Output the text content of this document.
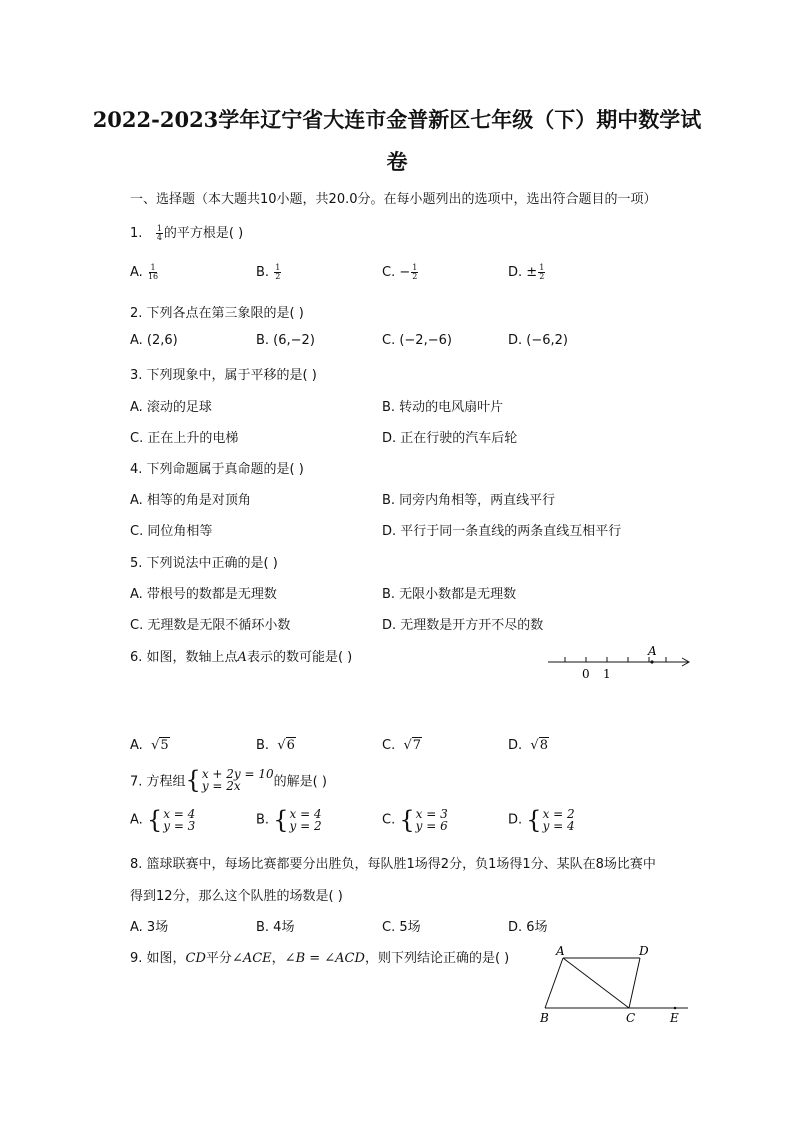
2022-2023学年辽宁省大连市金普新区七年级（下）期中数学试
卷
一、选择题（本大题共10小题，共20.0分。在每小题列出的选项中，选出符合题目的一项）
1. $\frac{1}{4}$ 的平方根是( )
A. $\frac{1}{16}$	B. $\frac{1}{2}$	C. − $\frac{1}{2}$	D. ± $\frac{1}{2}$
2. 下列各点在第三象限的是( )
A. (2,6)	B. (6,−2)	C. (−2,−6)	D. (−6,2)
3. 下列现象中，属于平移的是( )
A. 滚动的足球	B. 转动的电风扇叶片
C. 正在上升的电梯	D. 正在行驶的汽车后轮
4. 下列命题属于真命题的是( )
A. 相等的角是对顶角	B. 同旁内角相等，两直线平行
C. 同位角相等	D. 平行于同一条直线的两条直线互相平行
5. 下列说法中正确的是( )
A. 带根号的数都是无理数	B. 无限小数都是无理数
C. 无理数是无限不循环小数	D. 无理数是开方开不尽的数
6. 如图，数轴上点A表示的数可能是( )
0 1
A
A. √5	B. √6	C. √7	D. √8
7. 方程组 { x + 2y = 10
y = 2x	的解是( )
A. { x = 4
y = 3	B. { x = 4
y = 2	C. { x = 3
y = 6	D. { x = 2
y = 4
8. 篮球联赛中，每场比赛都要分出胜负，每队胜1场得2分，负1场得1分、某队在8场比赛中
得到12分，那么这个队胜的场数是( )
A. 3场	B. 4场	C. 5场	D. 6场
9. 如图，CD平分∠ACE，∠B = ∠ACD，则下列结论正确的是( )	A	D
B	C	E
